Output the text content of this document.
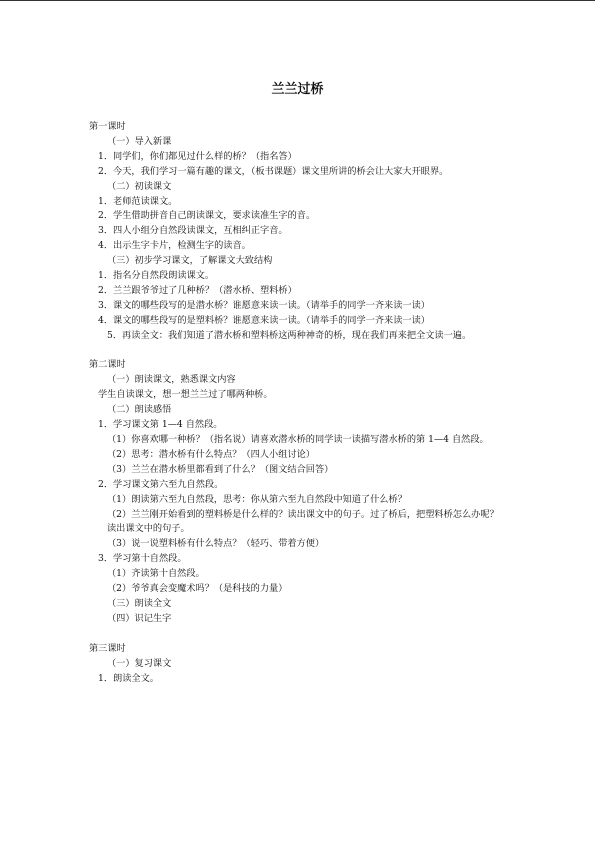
兰兰过桥
第一课时
（一）导入新课
1．同学们，你们都见过什么样的桥？（指名答）
2．今天，我们学习一篇有趣的课文，（板书课题）课文里所讲的桥会让大家大开眼界。
（二）初读课文
1．老师范读课文。
2．学生借助拼音自己朗读课文，要求读准生字的音。
3．四人小组分自然段读课文，互相纠正字音。
4．出示生字卡片，检测生字的读音。
（三）初步学习课文，了解课文大致结构
1．指名分自然段朗读课文。
2．兰兰跟爷爷过了几种桥？（潜水桥、塑料桥）
3．课文的哪些段写的是潜水桥？谁愿意来读一读。（请举手的同学一齐来读一读）
4．课文的哪些段写的是塑料桥？谁愿意来读一读。（请举手的同学一齐来读一读）
5．再读全文：我们知道了潜水桥和塑料桥这两种神奇的桥，现在我们再来把全文读一遍。
第二课时
（一）朗读课文，熟悉课文内容
学生自读课文，想一想兰兰过了哪两种桥。
（二）朗读感悟
1．学习课文第 1—4 自然段。
（1）你喜欢哪一种桥？（指名说）请喜欢潜水桥的同学读一读描写潜水桥的第 1—4 自然段。
（2）思考：潜水桥有什么特点？（四人小组讨论）
（3）兰兰在潜水桥里都看到了什么？（图文结合回答）
2．学习课文第六至九自然段。
（1）朗读第六至九自然段，思考：你从第六至九自然段中知道了什么桥？
（2）兰兰刚开始看到的塑料桥是什么样的？读出课文中的句子。过了桥后，把塑料桥怎么办呢？读出课文中的句子。
（3）说一说塑料桥有什么特点？（轻巧、带着方便）
3．学习第十自然段。
（1）齐读第十自然段。
（2）爷爷真会变魔术吗？（是科技的力量）
（三）朗读全文
（四）识记生字
第三课时
（一）复习课文
1．朗读全文。
